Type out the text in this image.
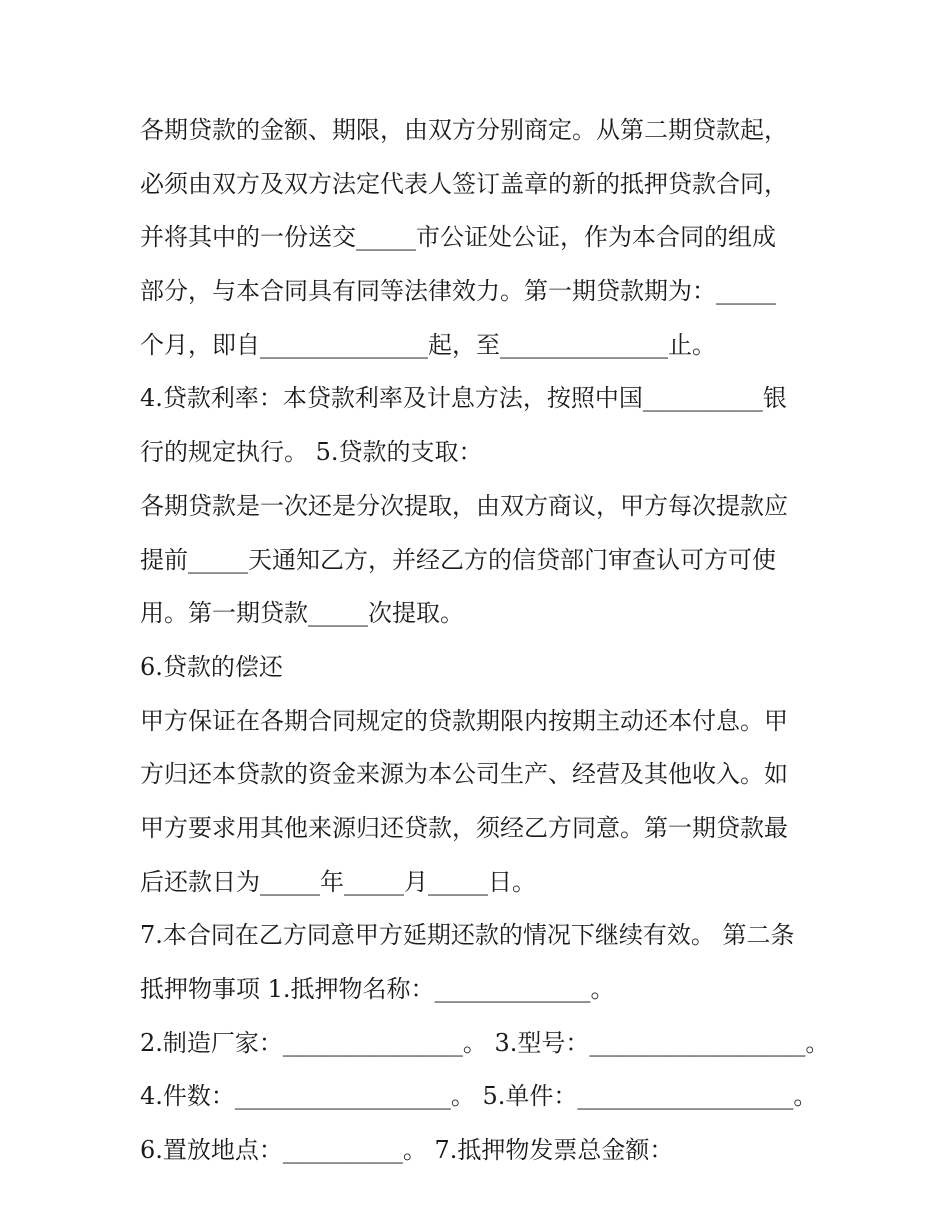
各期贷款的金额、期限，由双方分别商定。从第二期贷款起，

必须由双方及双方法定代表人签订盖章的新的抵押贷款合同，

并将其中的一份送交_____市公证处公证，作为本合同的组成

部分，与本合同具有同等法律效力。第一期贷款期为：_____

个月，即自______________起，至______________止。

4.贷款利率：本贷款利率及计息方法，按照中国__________银

行的规定执行。 5.贷款的支取：

各期贷款是一次还是分次提取，由双方商议，甲方每次提款应

提前_____天通知乙方，并经乙方的信贷部门审查认可方可使

用。第一期贷款_____次提取。

6.贷款的偿还

甲方保证在各期合同规定的贷款期限内按期主动还本付息。甲

方归还本贷款的资金来源为本公司生产、经营及其他收入。如

甲方要求用其他来源归还贷款，须经乙方同意。第一期贷款最

后还款日为_____年_____月_____日。

7.本合同在乙方同意甲方延期还款的情况下继续有效。 第二条

抵押物事项 1.抵押物名称：_____________。

2.制造厂家：_______________。 3.型号：__________________。

4.件数：__________________。 5.单件：__________________。

6.置放地点：__________。 7.抵押物发票总金额：
